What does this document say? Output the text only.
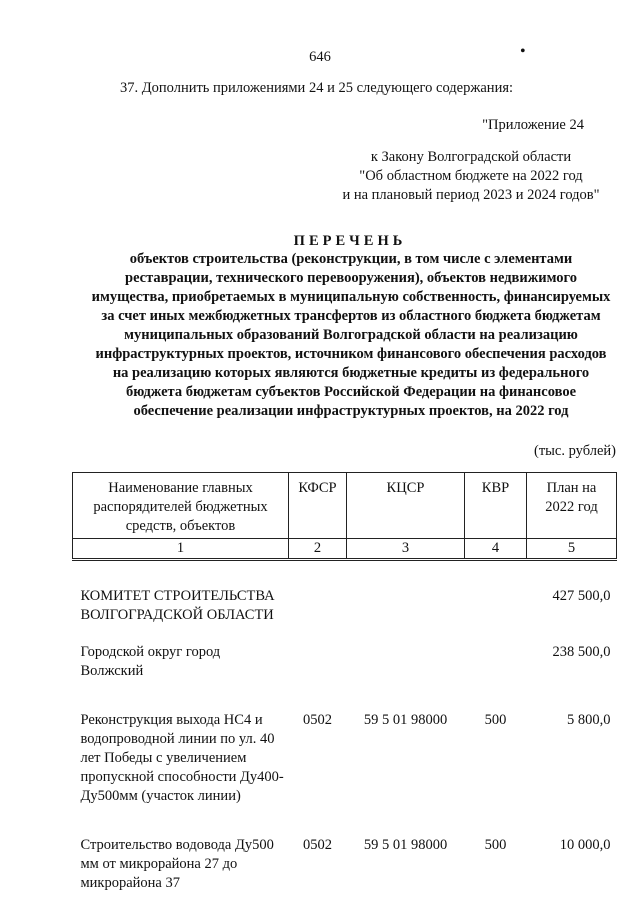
646	•
37. Дополнить приложениями 24 и 25 следующего содержания:
"Приложение 24
к Закону Волгоградской области
"Об областном бюджете на 2022 год
и на плановый период 2023 и 2024 годов"
ПЕРЕЧЕНЬ
объектов строительства (реконструкции, в том числе с элементами реставрации, технического перевооружения), объектов недвижимого имущества, приобретаемых в муниципальную собственность, финансируемых за счет иных межбюджетных трансфертов из областного бюджета бюджетам муниципальных образований Волгоградской области на реализацию инфраструктурных проектов, источником финансового обеспечения расходов на реализацию которых являются бюджетные кредиты из федерального бюджета бюджетам субъектов Российской Федерации на финансовое обеспечение реализации инфраструктурных проектов, на 2022 год
(тыс. рублей)
Наименование главных распорядителей бюджетных средств, объектов	КФСР	КЦСР	КВР	План на 2022 год
1	2	3	4	5

КОМИТЕТ СТРОИТЕЛЬСТВА ВОЛГОГРАДСКОЙ ОБЛАСТИ				427 500,0

Городской округ город Волжский				238 500,0

Реконструкция выхода НС4 и водопроводной линии по ул. 40 лет Победы с увеличением пропускной способности Ду400-Ду500мм (участок линии)	0502	59 5 01 98000	500	5 800,0

Строительство водовода Ду500 мм от микрорайона 27 до микрорайона 37	0502	59 5 01 98000	500	10 000,0
